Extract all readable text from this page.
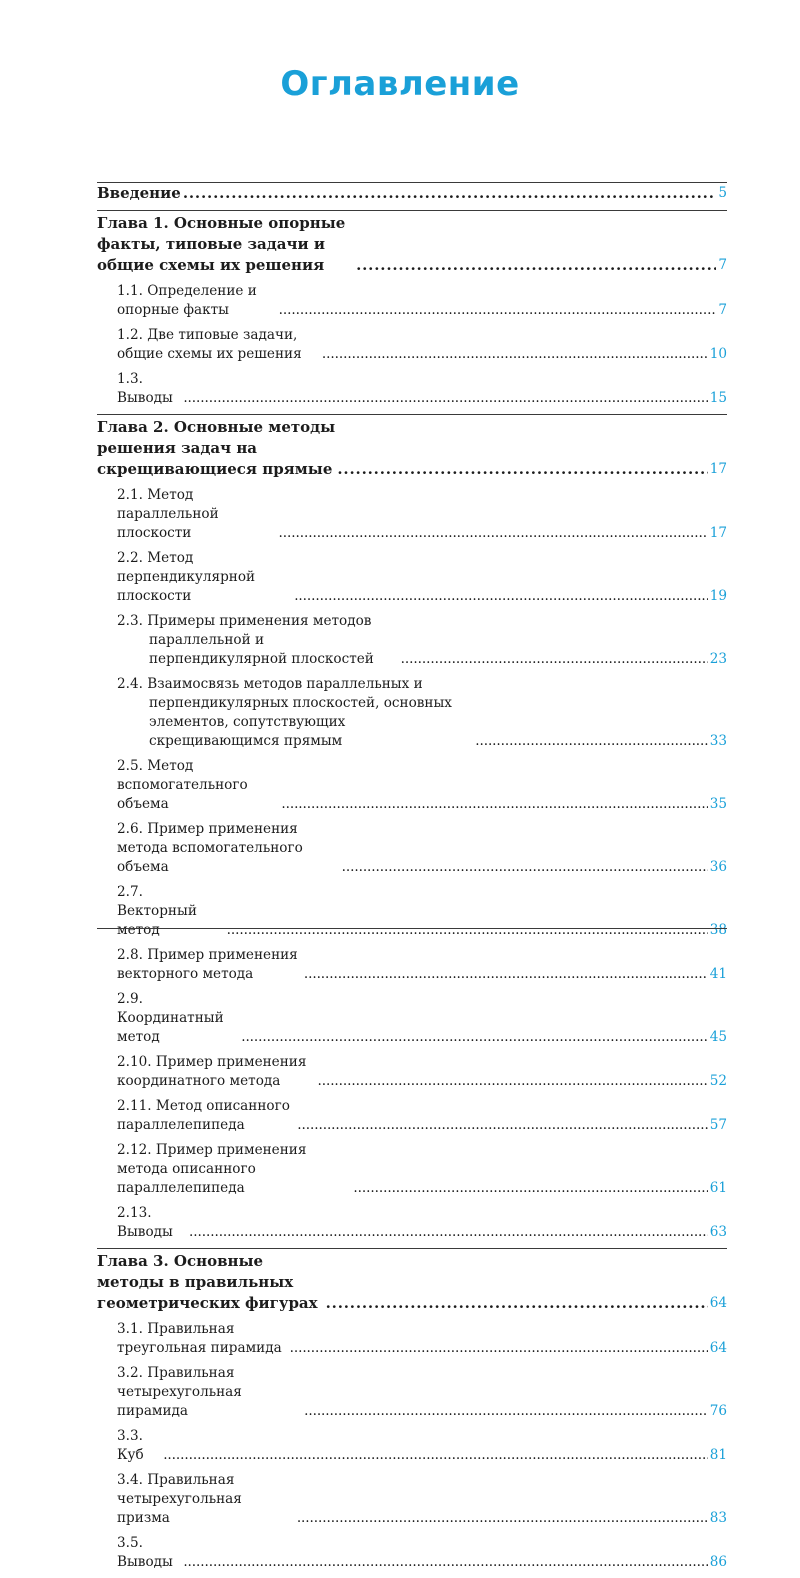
Оглавление
Введение . . .	5
Глава 1. Основные опорные факты, типовые задачи и общие схемы их решения . . .	7
1.1. Определение и опорные факты . . .	7
1.2. Две типовые задачи, общие схемы их решения . . .	10
1.3. Выводы . . .	15
Глава 2. Основные методы решения задач на скрещивающиеся прямые . . .	17
2.1. Метод параллельной плоскости . . .	17
2.2. Метод перпендикулярной плоскости . . .	19
2.3. Примеры применения методов параллельной и перпендикулярной плоскостей . . .	23
2.4. Взаимосвязь методов параллельных и перпендикулярных плоскостей, основных элементов, сопутствующих скрещивающимся прямым . . .	33
2.5. Метод вспомогательного объема . . .	35
2.6. Пример применения метода вспомогательного объема . . .	36
2.7. Векторный метод . . .	38
2.8. Пример применения векторного метода . . .	41
2.9. Координатный метод . . .	45
2.10. Пример применения координатного метода . . .	52
2.11. Метод описанного параллелепипеда . . .	57
2.12. Пример применения метода описанного параллелепипеда . . .	61
2.13. Выводы . . .	63
Глава 3. Основные методы в правильных геометрических фигурах . . .	64
3.1. Правильная треугольная пирамида . . .	64
3.2. Правильная четырехугольная пирамида . . .	76
3.3. Куб . . .	81
3.4. Правильная четырехугольная призма . . .	83
3.5. Выводы . . .	86
